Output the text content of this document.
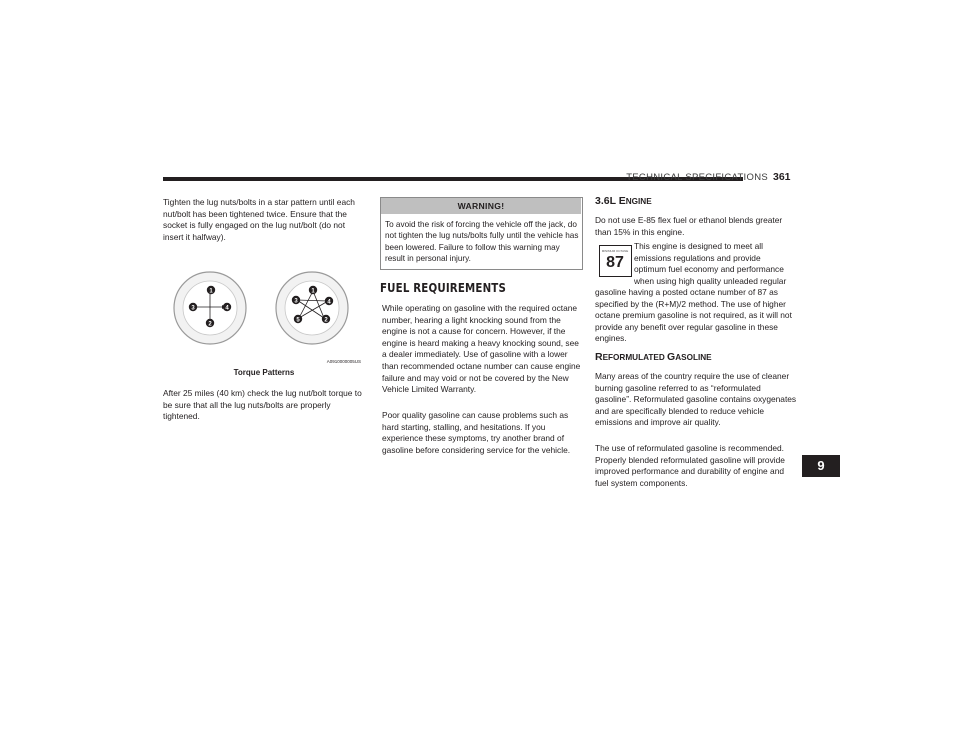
TECHNICAL SPECIFICATIONS 361
9

Tighten the lug nuts/bolts in a star pattern until each nut/bolt has been tightened twice. Ensure that the socket is fully engaged on the lug nut/bolt (do not insert it halfway).

1
2
3	4
1
2
3	4
5
A0910000005US
Torque Patterns

After 25 miles (40 km) check the lug nut/bolt torque to be sure that all the lug nuts/bolts are properly tightened.

WARNING!

To avoid the risk of forcing the vehicle off the jack, do not tighten the lug nuts/bolts fully until the vehicle has been lowered. Failure to follow this warning may result in personal injury.

FUEL REQUIREMENTS

While operating on gasoline with the required octane number, hearing a light knocking sound from the engine is not a cause for concern. However, if the engine is heard making a heavy knocking sound, see a dealer immediately. Use of gasoline with a lower than recommended octane number can cause engine failure and may void or not be covered by the New Vehicle Limited Warranty.

Poor quality gasoline can cause problems such as hard starting, stalling, and hesitations. If you experience these symptoms, try another brand of gasoline before considering service for the vehicle.

3.6L ENGINE

Do not use E-85 flex fuel or ethanol blends greater than 15% in this engine.

MINIMUM OCTANE
87
This engine is designed to meet all
emissions regulations and provide
optimum fuel economy and performance
when using high quality unleaded regular

gasoline having a posted octane number of 87 as specified by the (R+M)/2 method. The use of higher octane premium gasoline is not required, as it will not provide any benefit over regular gasoline in these engines.

REFORMULATED GASOLINE

Many areas of the country require the use of cleaner burning gasoline referred to as “reformulated gasoline”. Reformulated gasoline contains oxygenates and are specifically blended to reduce vehicle emissions and improve air quality.

The use of reformulated gasoline is recommended. Properly blended reformulated gasoline will provide improved performance and durability of engine and fuel system components.
